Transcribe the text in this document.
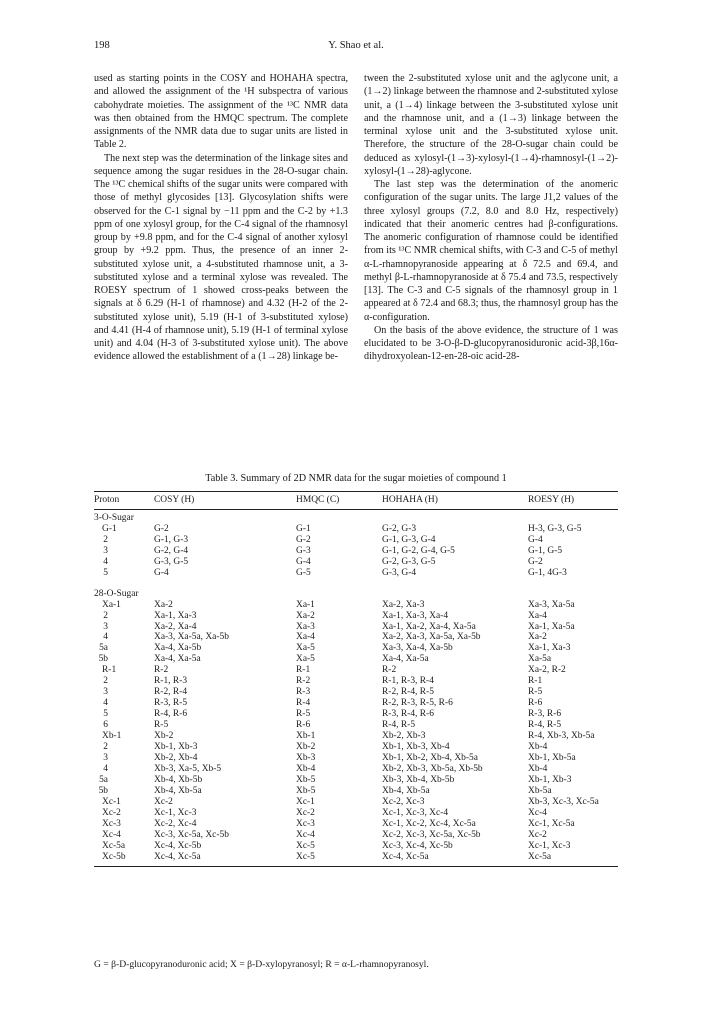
198	Y. Shao et al.

used as starting points in the COSY and HOHAHA spectra, and allowed the assignment of the ¹H subspectra of various cabohydrate moieties. The assignment of the ¹³C NMR data was then obtained from the HMQC spectrum. The complete assignments of the NMR data due to sugar units are listed in Table 2.

The next step was the determination of the linkage sites and sequence among the sugar residues in the 28-O-sugar chain. The ¹³C chemical shifts of the sugar units were compared with those of methyl glycosides [13]. Glycosylation shifts were observed for the C-1 signal by −11 ppm and the C-2 by +1.3 ppm of one xylosyl group, for the C-4 signal of the rhamnosyl group by +9.8 ppm, and for the C-4 signal of another xylosyl group by +9.2 ppm. Thus, the presence of an inner 2-substituted xylose unit, a 4-substituted rhamnose unit, a 3-substituted xylose and a terminal xylose was revealed. The ROESY spectrum of 1 showed cross-peaks between the signals at δ 6.29 (H-1 of rhamnose) and 4.32 (H-2 of the 2-substituted xylose unit), 5.19 (H-1 of 3-substituted xylose) and 4.41 (H-4 of rhamnose unit), 5.19 (H-1 of terminal xylose unit) and 4.04 (H-3 of 3-substituted xylose unit). The above evidence allowed the establishment of a (1→28) linkage be-

tween the 2-substituted xylose unit and the aglycone unit, a (1→2) linkage between the rhamnose and 2-substituted xylose unit, a (1→4) linkage between the 3-substituted xylose unit and the rhamnose unit, and a (1→3) linkage between the terminal xylose unit and the 3-substituted xylose unit. Therefore, the structure of the 28-O-sugar chain could be deduced as xylosyl-(1→3)-xylosyl-(1→4)-rhamnosyl-(1→2)-xylosyl-(1→28)-aglycone.

The last step was the determination of the anomeric configuration of the sugar units. The large J1,2 values of the three xylosyl groups (7.2, 8.0 and 8.0 Hz, respectively) indicated that their anomeric centres had β-configurations. The anomeric configuration of rhamnose could be identified from its ¹³C NMR chemical shifts, with C-3 and C-5 of methyl α-L-rhamnopyranoside appearing at δ 72.5 and 69.4, and methyl β-L-rhamnopyranoside at δ 75.4 and 73.5, respectively [13]. The C-3 and C-5 signals of the rhamnosyl group in 1 appeared at δ 72.4 and 68.3; thus, the rhamnosyl group has the α-configuration.

On the basis of the above evidence, the structure of 1 was elucidated to be 3-O-β-D-glucopyranosiduronic acid-3β,16α-dihydroxyolean-12-en-28-oic acid-28-

Table 3. Summary of 2D NMR data for the sugar moieties of compound 1
Proton	COSY (H)	HMQC (C)	HOHAHA (H)	ROESY (H)
3-O-Sugar				
G-1	G-2	G-1	G-2, G-3	H-3, G-3, G-5
2	G-1, G-3	G-2	G-1, G-3, G-4	G-4
3	G-2, G-4	G-3	G-1, G-2, G-4, G-5	G-1, G-5
4	G-3, G-5	G-4	G-2, G-3, G-5	G-2
5	G-4	G-5	G-3, G-4	G-1, 4G-3

28-O-Sugar				
Xa-1	Xa-2	Xa-1	Xa-2, Xa-3	Xa-3, Xa-5a
2	Xa-1, Xa-3	Xa-2	Xa-1, Xa-3, Xa-4	Xa-4
3	Xa-2, Xa-4	Xa-3	Xa-1, Xa-2, Xa-4, Xa-5a	Xa-1, Xa-5a
4	Xa-3, Xa-5a, Xa-5b	Xa-4	Xa-2, Xa-3, Xa-5a, Xa-5b	Xa-2
5a	Xa-4, Xa-5b	Xa-5	Xa-3, Xa-4, Xa-5b	Xa-1, Xa-3
5b	Xa-4, Xa-5a	Xa-5	Xa-4, Xa-5a	Xa-5a
R-1	R-2	R-1	R-2	Xa-2, R-2
2	R-1, R-3	R-2	R-1, R-3, R-4	R-1
3	R-2, R-4	R-3	R-2, R-4, R-5	R-5
4	R-3, R-5	R-4	R-2, R-3, R-5, R-6	R-6
5	R-4, R-6	R-5	R-3, R-4, R-6	R-3, R-6
6	R-5	R-6	R-4, R-5	R-4, R-5
Xb-1	Xb-2	Xb-1	Xb-2, Xb-3	R-4, Xb-3, Xb-5a
2	Xb-1, Xb-3	Xb-2	Xb-1, Xb-3, Xb-4	Xb-4
3	Xb-2, Xb-4	Xb-3	Xb-1, Xb-2, Xb-4, Xb-5a	Xb-1, Xb-5a
4	Xb-3, Xa-5, Xb-5	Xb-4	Xb-2, Xb-3, Xb-5a, Xb-5b	Xb-4
5a	Xb-4, Xb-5b	Xb-5	Xb-3, Xb-4, Xb-5b	Xb-1, Xb-3
5b	Xb-4, Xb-5a	Xb-5	Xb-4, Xb-5a	Xb-5a
Xc-1	Xc-2	Xc-1	Xc-2, Xc-3	Xb-3, Xc-3, Xc-5a
Xc-2	Xc-1, Xc-3	Xc-2	Xc-1, Xc-3, Xc-4	Xc-4
Xc-3	Xc-2, Xc-4	Xc-3	Xc-1, Xc-2, Xc-4, Xc-5a	Xc-1, Xc-5a
Xc-4	Xc-3, Xc-5a, Xc-5b	Xc-4	Xc-2, Xc-3, Xc-5a, Xc-5b	Xc-2
Xc-5a	Xc-4, Xc-5b	Xc-5	Xc-3, Xc-4, Xc-5b	Xc-1, Xc-3
Xc-5b	Xc-4, Xc-5a	Xc-5	Xc-4, Xc-5a	Xc-5a
G = β-D-glucopyranoduronic acid; X = β-D-xylopyranosyl; R = α-L-rhamnopyranosyl.
